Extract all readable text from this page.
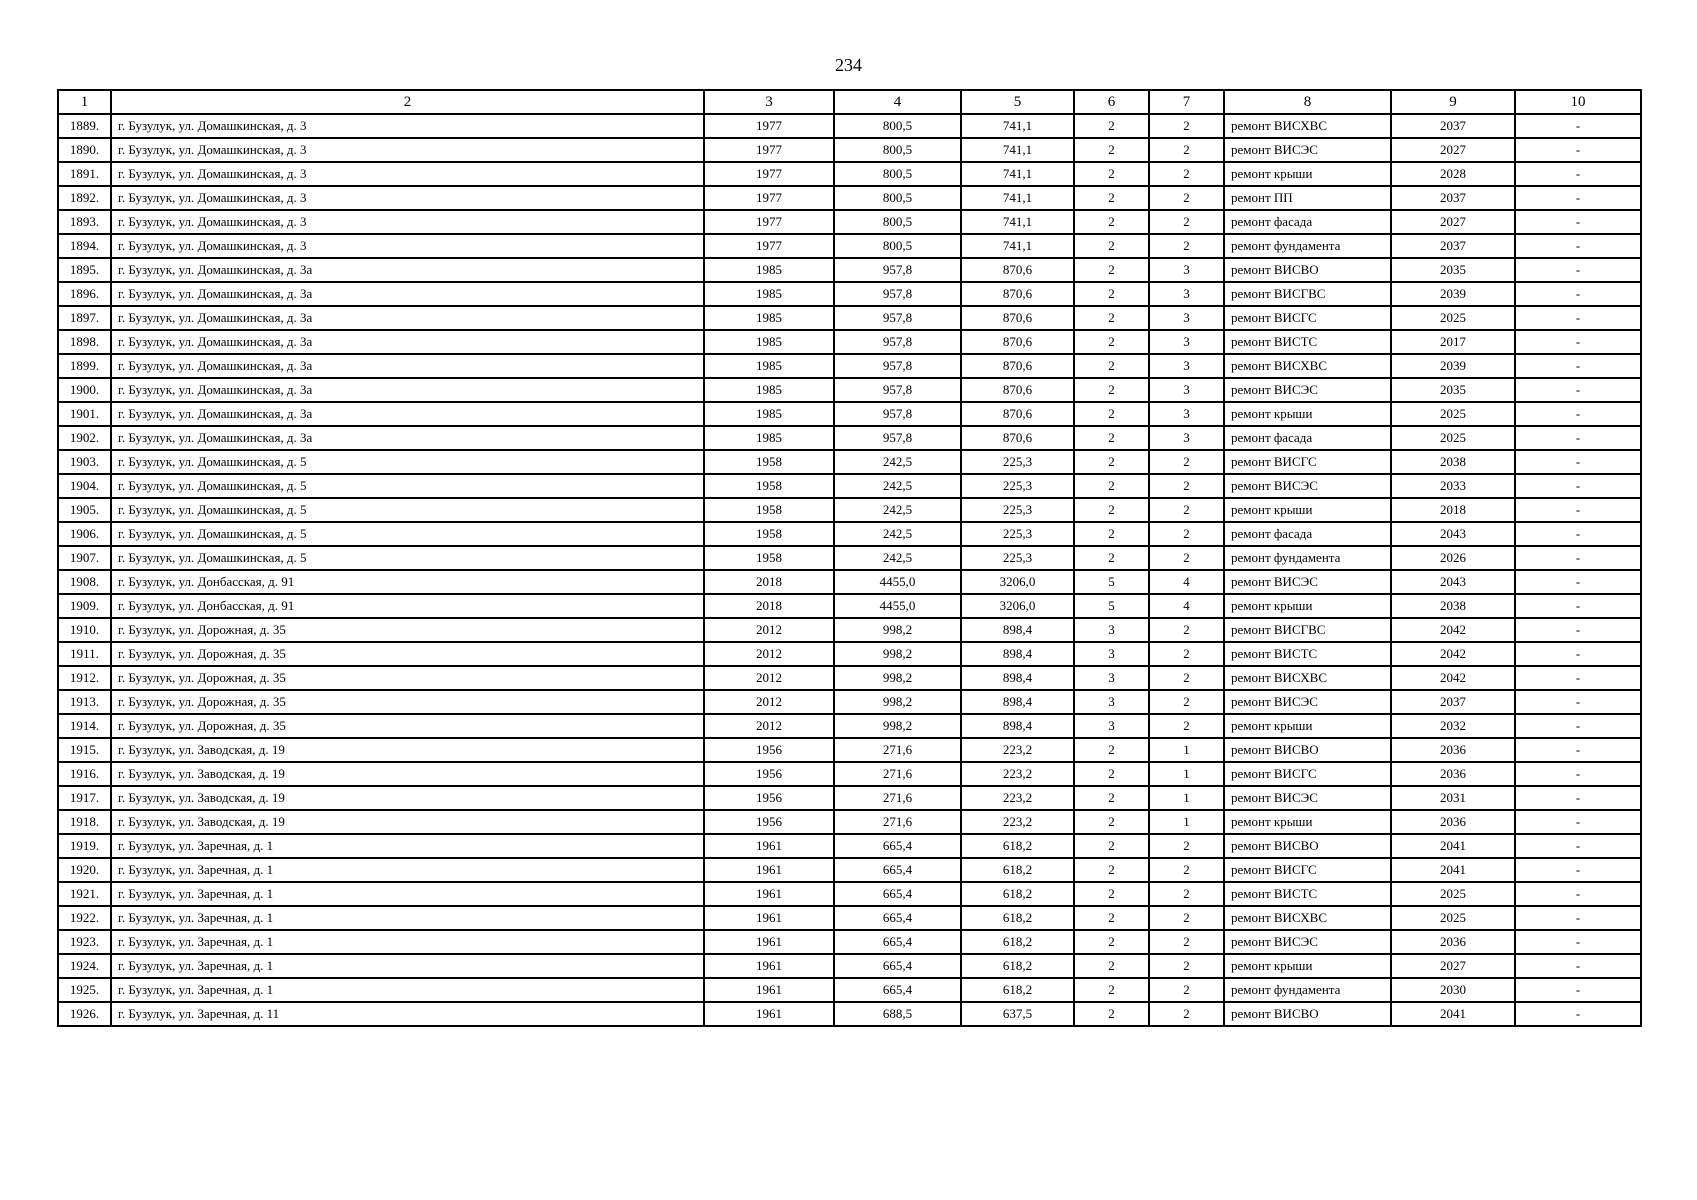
234
1	2	3	4	5	6	7	8	9	10
1889.	г. Бузулук, ул. Домашкинская, д. 3	1977	800,5	741,1	2	2	ремонт ВИСХВС	2037	-
1890.	г. Бузулук, ул. Домашкинская, д. 3	1977	800,5	741,1	2	2	ремонт ВИСЭС	2027	-
1891.	г. Бузулук, ул. Домашкинская, д. 3	1977	800,5	741,1	2	2	ремонт крыши	2028	-
1892.	г. Бузулук, ул. Домашкинская, д. 3	1977	800,5	741,1	2	2	ремонт ПП	2037	-
1893.	г. Бузулук, ул. Домашкинская, д. 3	1977	800,5	741,1	2	2	ремонт фасада	2027	-
1894.	г. Бузулук, ул. Домашкинская, д. 3	1977	800,5	741,1	2	2	ремонт фундамента	2037	-
1895.	г. Бузулук, ул. Домашкинская, д. 3а	1985	957,8	870,6	2	3	ремонт ВИСВО	2035	-
1896.	г. Бузулук, ул. Домашкинская, д. 3а	1985	957,8	870,6	2	3	ремонт ВИСГВС	2039	-
1897.	г. Бузулук, ул. Домашкинская, д. 3а	1985	957,8	870,6	2	3	ремонт ВИСГС	2025	-
1898.	г. Бузулук, ул. Домашкинская, д. 3а	1985	957,8	870,6	2	3	ремонт ВИСТС	2017	-
1899.	г. Бузулук, ул. Домашкинская, д. 3а	1985	957,8	870,6	2	3	ремонт ВИСХВС	2039	-
1900.	г. Бузулук, ул. Домашкинская, д. 3а	1985	957,8	870,6	2	3	ремонт ВИСЭС	2035	-
1901.	г. Бузулук, ул. Домашкинская, д. 3а	1985	957,8	870,6	2	3	ремонт крыши	2025	-
1902.	г. Бузулук, ул. Домашкинская, д. 3а	1985	957,8	870,6	2	3	ремонт фасада	2025	-
1903.	г. Бузулук, ул. Домашкинская, д. 5	1958	242,5	225,3	2	2	ремонт ВИСГС	2038	-
1904.	г. Бузулук, ул. Домашкинская, д. 5	1958	242,5	225,3	2	2	ремонт ВИСЭС	2033	-
1905.	г. Бузулук, ул. Домашкинская, д. 5	1958	242,5	225,3	2	2	ремонт крыши	2018	-
1906.	г. Бузулук, ул. Домашкинская, д. 5	1958	242,5	225,3	2	2	ремонт фасада	2043	-
1907.	г. Бузулук, ул. Домашкинская, д. 5	1958	242,5	225,3	2	2	ремонт фундамента	2026	-
1908.	г. Бузулук, ул. Донбасская, д. 91	2018	4455,0	3206,0	5	4	ремонт ВИСЭС	2043	-
1909.	г. Бузулук, ул. Донбасская, д. 91	2018	4455,0	3206,0	5	4	ремонт крыши	2038	-
1910.	г. Бузулук, ул. Дорожная, д. 35	2012	998,2	898,4	3	2	ремонт ВИСГВС	2042	-
1911.	г. Бузулук, ул. Дорожная, д. 35	2012	998,2	898,4	3	2	ремонт ВИСТС	2042	-
1912.	г. Бузулук, ул. Дорожная, д. 35	2012	998,2	898,4	3	2	ремонт ВИСХВС	2042	-
1913.	г. Бузулук, ул. Дорожная, д. 35	2012	998,2	898,4	3	2	ремонт ВИСЭС	2037	-
1914.	г. Бузулук, ул. Дорожная, д. 35	2012	998,2	898,4	3	2	ремонт крыши	2032	-
1915.	г. Бузулук, ул. Заводская, д. 19	1956	271,6	223,2	2	1	ремонт ВИСВО	2036	-
1916.	г. Бузулук, ул. Заводская, д. 19	1956	271,6	223,2	2	1	ремонт ВИСГС	2036	-
1917.	г. Бузулук, ул. Заводская, д. 19	1956	271,6	223,2	2	1	ремонт ВИСЭС	2031	-
1918.	г. Бузулук, ул. Заводская, д. 19	1956	271,6	223,2	2	1	ремонт крыши	2036	-
1919.	г. Бузулук, ул. Заречная, д. 1	1961	665,4	618,2	2	2	ремонт ВИСВО	2041	-
1920.	г. Бузулук, ул. Заречная, д. 1	1961	665,4	618,2	2	2	ремонт ВИСГС	2041	-
1921.	г. Бузулук, ул. Заречная, д. 1	1961	665,4	618,2	2	2	ремонт ВИСТС	2025	-
1922.	г. Бузулук, ул. Заречная, д. 1	1961	665,4	618,2	2	2	ремонт ВИСХВС	2025	-
1923.	г. Бузулук, ул. Заречная, д. 1	1961	665,4	618,2	2	2	ремонт ВИСЭС	2036	-
1924.	г. Бузулук, ул. Заречная, д. 1	1961	665,4	618,2	2	2	ремонт крыши	2027	-
1925.	г. Бузулук, ул. Заречная, д. 1	1961	665,4	618,2	2	2	ремонт фундамента	2030	-
1926.	г. Бузулук, ул. Заречная, д. 11	1961	688,5	637,5	2	2	ремонт ВИСВО	2041	-
